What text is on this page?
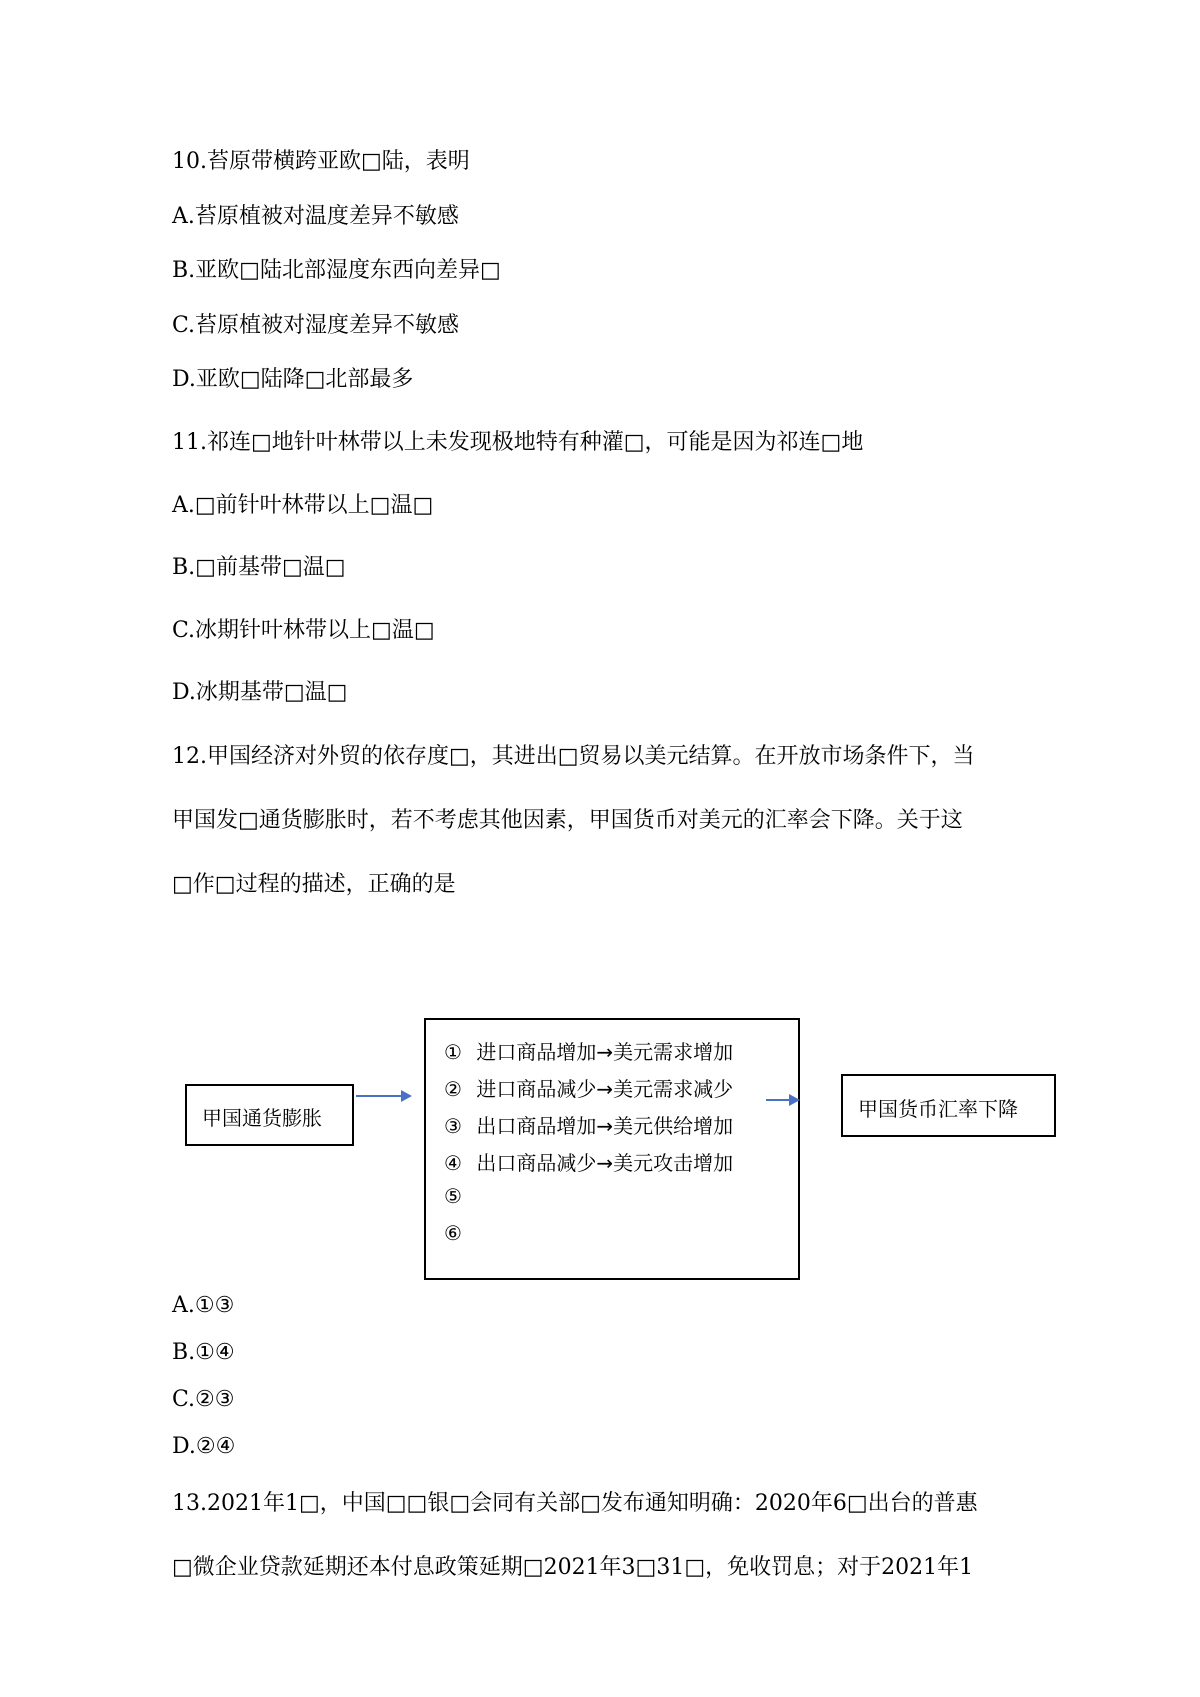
10.苔原带横跨亚欧□陆，表明
A.苔原植被对温度差异不敏感
B.亚欧□陆北部湿度东西向差异□
C.苔原植被对湿度差异不敏感
D.亚欧□陆降□北部最多
11.祁连□地针叶林带以上未发现极地特有种灌□，可能是因为祁连□地
A.□前针叶林带以上□温□
B.□前基带□温□
C.冰期针叶林带以上□温□
D.冰期基带□温□
12.甲国经济对外贸的依存度□，其进出□贸易以美元结算。在开放市场条件下，当
甲国发□通货膨胀时，若不考虑其他因素，甲国货币对美元的汇率会下降。关于这
□作□过程的描述，正确的是
甲国通货膨胀
① 进口商品增加→美元需求增加
② 进口商品减少→美元需求减少
③ 出口商品增加→美元供给增加
④ 出口商品减少→美元攻击增加
⑤
⑥
甲国货币汇率下降
A.①③
B.①④
C.②③
D.②④
13.2021年1□，中国□□银□会同有关部□发布通知明确：2020年6□出台的普惠
□微企业贷款延期还本付息政策延期□2021年3□31□，免收罚息；对于2021年1
